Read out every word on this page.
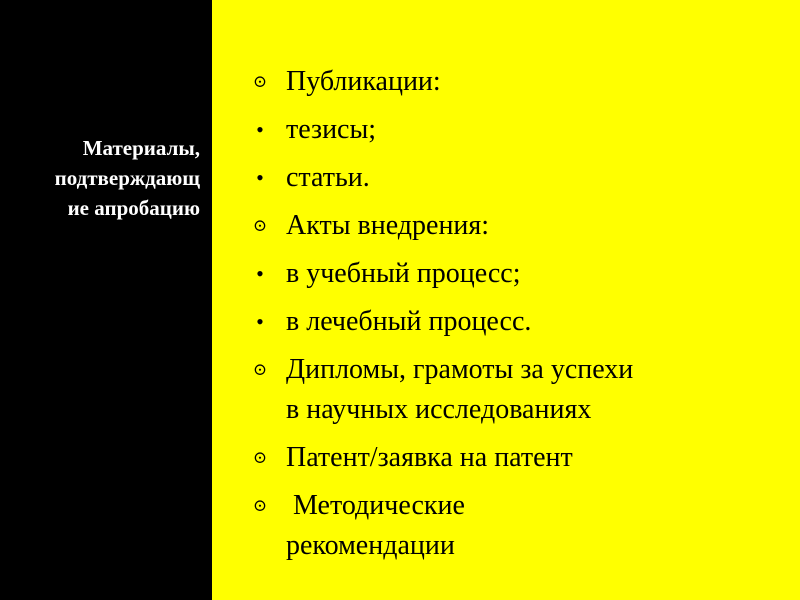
Материалы,
подтверждающ
ие апробацию
⊙ Публикации:
• тезисы;
• статьи.
⊙ Акты внедрения:
• в учебный процесс;
• в лечебный процесс.
⊙ Дипломы, грамоты за успехи
в научных исследованиях
⊙ Патент/заявка на патент
⊙ Методические
рекомендации
